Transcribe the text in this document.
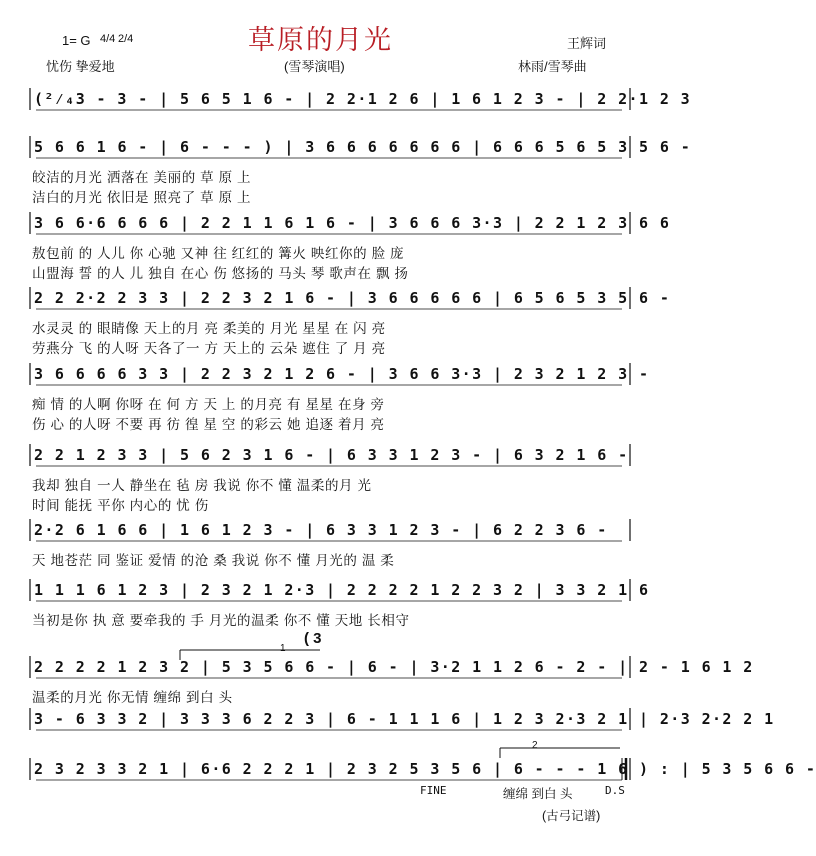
草原的月光
1= G 4/4 2/4
忧伤 挚爱地	(雪琴演唱)
王辉词
林雨/雪琴曲
(²⁄₄3 - 3 - | 5 6 5 1 6 - | 2 2·1 2 6 | 1 6 1 2 3 - | 2 2·1 2 3
5 6 6 1 6 - | 6 - - - ) | 3 6 6 6 6 6 6 6 | 6 6 6 5 6 5 3 5 6 -
皎洁的月光 洒落在 美丽的 草 原 上
洁白的月光 依旧是 照亮了 草 原 上
3 6 6·6 6 6 6 | 2 2 1 1 6 1 6 - | 3 6 6 6 3·3 | 2 2 1 2 3 6 6
敖包前 的 人儿 你 心驰 又神 往 红红的 篝火 映红你的 脸 庞
山盟海 誓 的人 儿 独自 在心 伤 悠扬的 马头 琴 歌声在 飘 扬
2 2 2·2 2 3 3 | 2 2 3 2 1 6 - | 3 6 6 6 6 6 | 6 5 6 5 3 5 6 -
水灵灵 的 眼睛像 天上的月 亮 柔美的 月光 星星 在 闪 亮
劳燕分 飞 的人呀 天各了一 方 天上的 云朵 遮住 了 月 亮
3 6 6 6 6 3 3 | 2 2 3 2 1 2 6 - | 3 6 6 3·3 | 2 3 2 1 2 3 -
痴 情 的人啊 你呀 在 何 方 天 上 的月亮 有 星星 在身 旁
伤 心 的人呀 不要 再 彷 徨 星 空 的彩云 她 追逐 着月 亮
2 2 1 2 3 3 | 5 6 2 3 1 6 - | 6 3 3 1 2 3 - | 6 3 2 1 6 -
我却 独自 一人 静坐在 毡 房 我说 你不 懂 温柔的月 光
时间 能抚 平你 内心的 忧 伤
2·2 6 1 6 6 | 1 6 1 2 3 - | 6 3 3 1 2 3 - | 6 2 2 3 6 -
天 地苍茫 同 鉴证 爱情 的沧 桑 我说 你不 懂 月光的 温 柔
1 1 1 6 1 2 3 | 2 3 2 1 2·3 | 2 2 2 2 1 2 2 3 2 | 3 3 2 1 6
当初是你 执 意 要牵我的 手 月光的温柔 你不 懂 天地 长相守
2 2 2 2 1 2 3 2 | 5 3 5 6 6 - | 6 - | 3·2 1 1 2 6 - 2 - | 2 - 1 6 1 2
温柔的月光 你无情 缠绵 到白 头
3 - 6 3 3 2 | 3 3 3 6 2 2 3 | 6 - 1 1 1 6 | 1 2 3 2·3 2 1 | 2·3 2·2 2 1
2 3 2 3 3 2 1 | 6·6 2 2 2 1 | 2 3 2 5 3 5 6 | 6 - - - 1 6 ) : | 5 3 5 6 6 -
( 3
1
2
FINE	缠绵 到白 头	D.S
(古弓记谱)
